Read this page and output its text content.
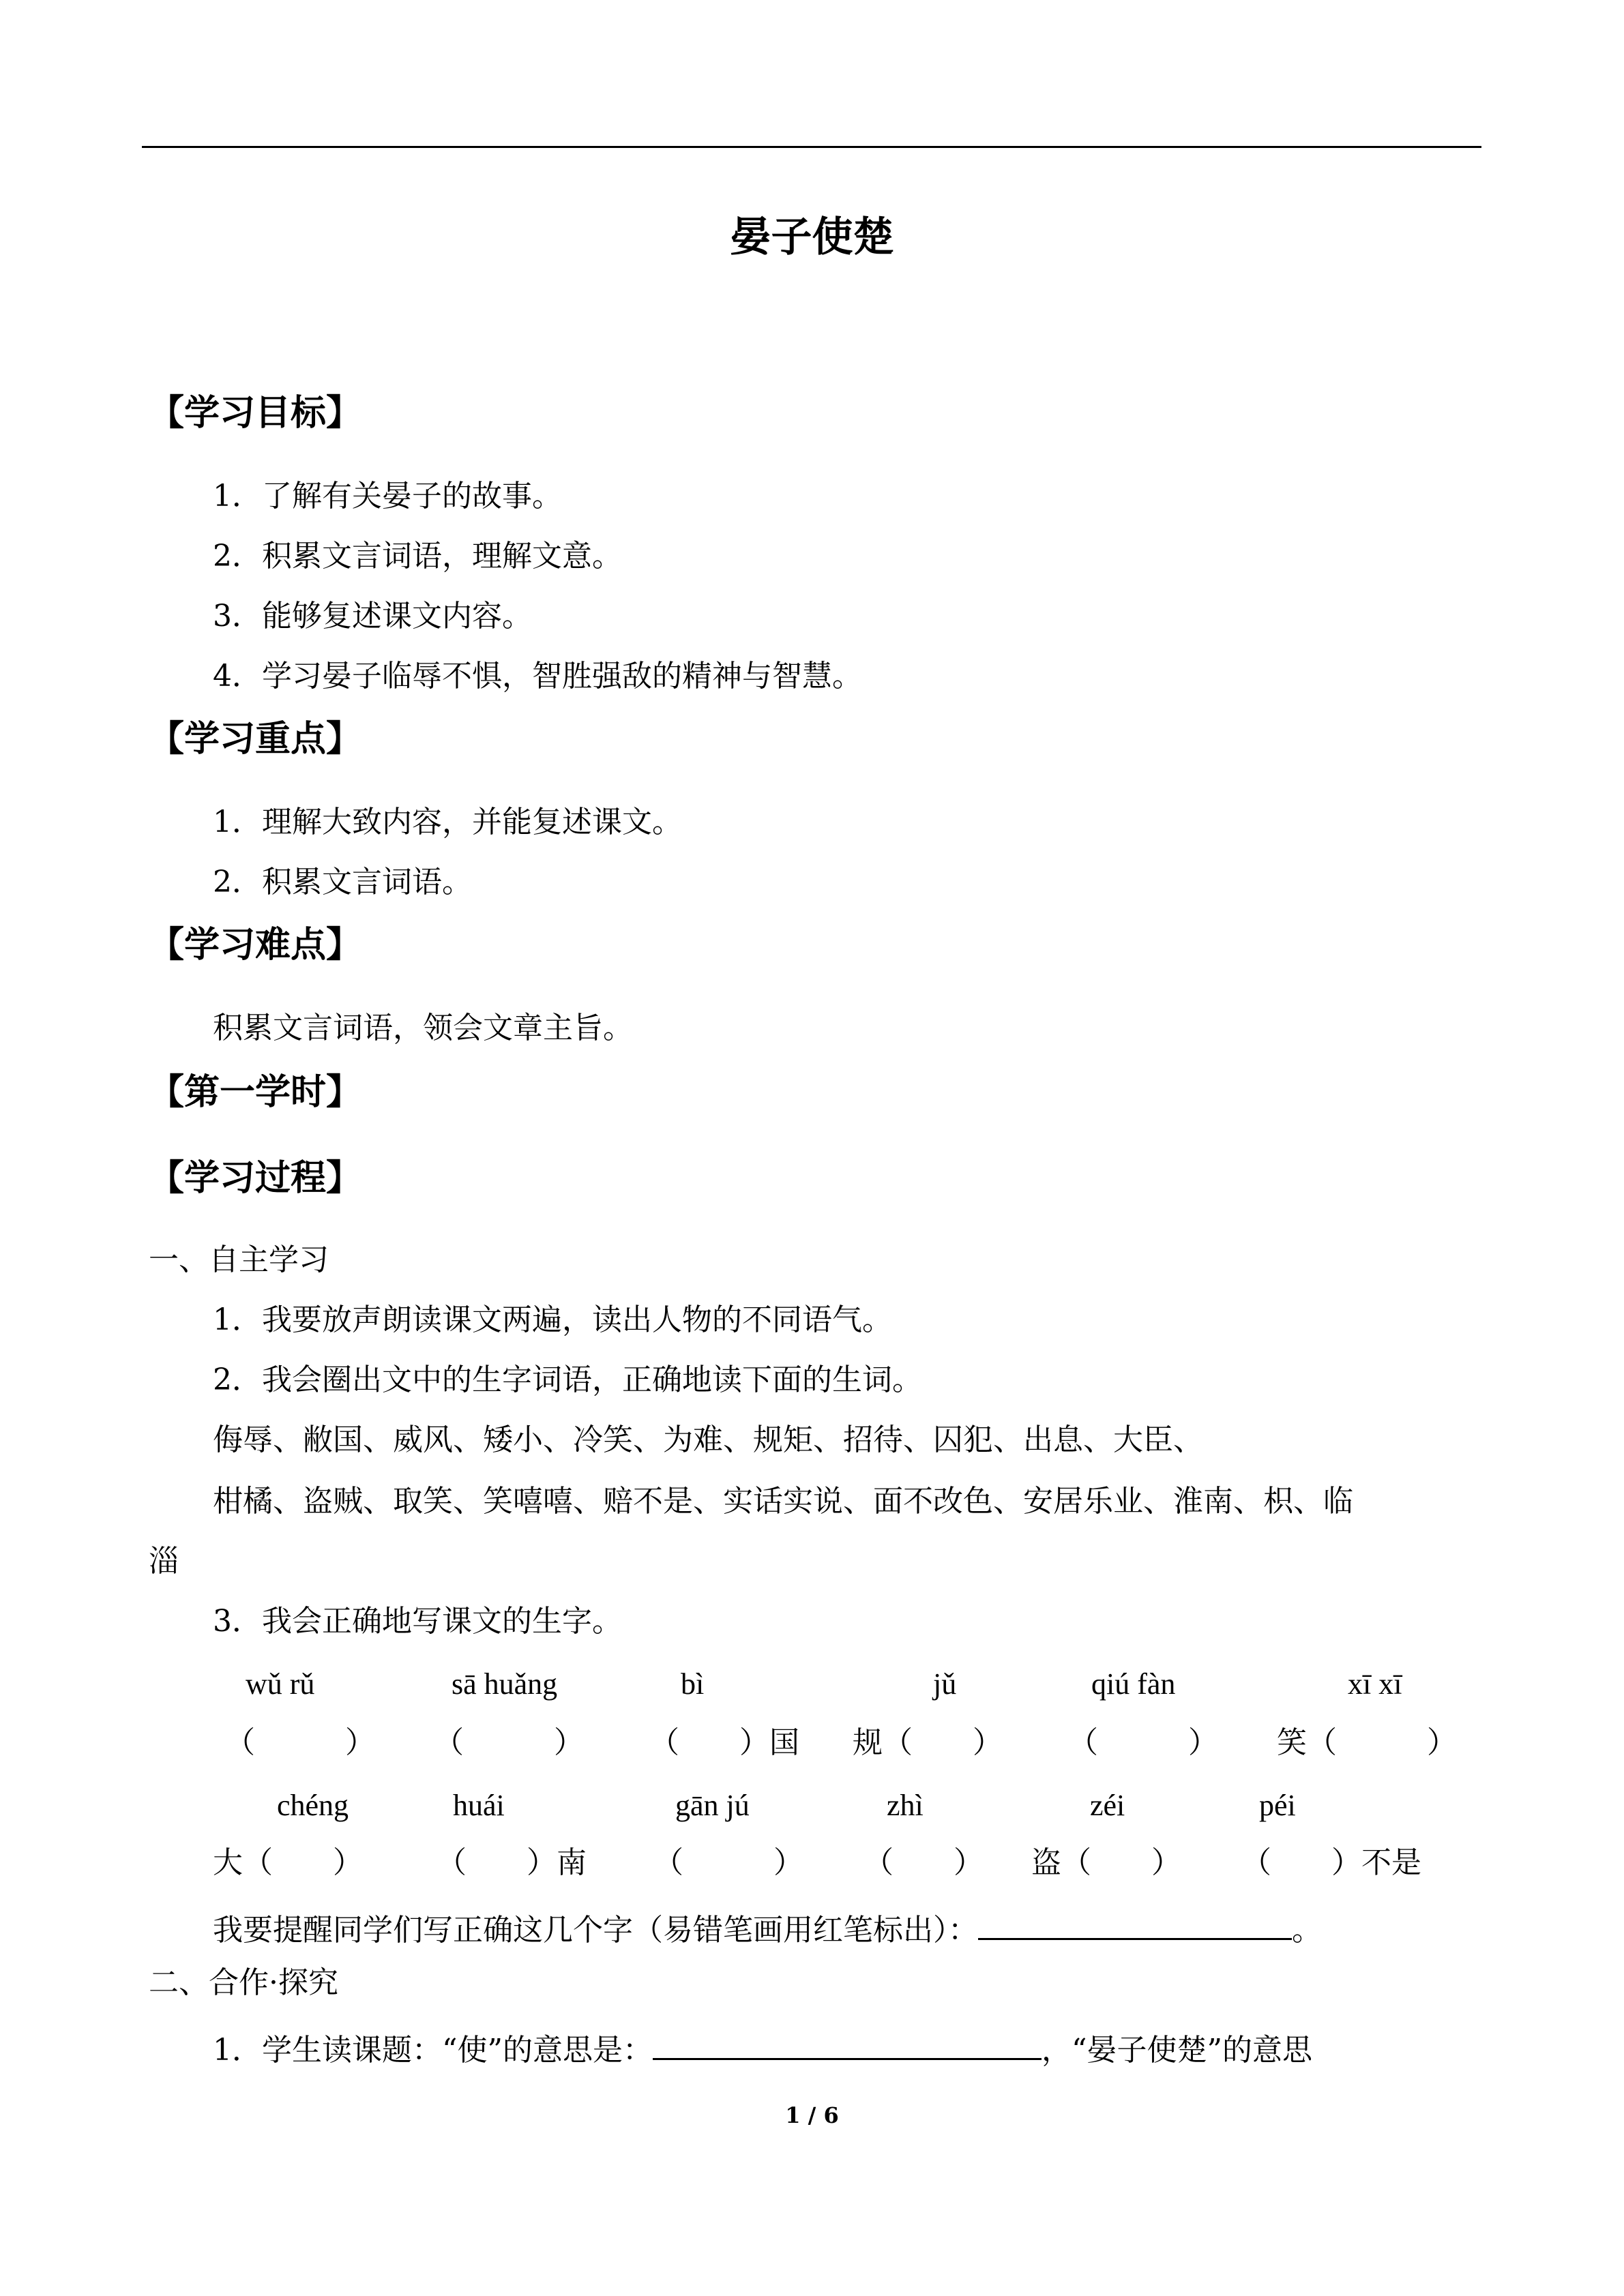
晏子使楚
【学习目标】
1．了解有关晏子的故事。
2．积累文言词语，理解文意。
3．能够复述课文内容。
4．学习晏子临辱不惧，智胜强敌的精神与智慧。
【学习重点】
1．理解大致内容，并能复述课文。
2．积累文言词语。
【学习难点】
积累文言词语，领会文章主旨。
【第一学时】
【学习过程】
一、自主学习
1．我要放声朗读课文两遍，读出人物的不同语气。
2．我会圈出文中的生字词语，正确地读下面的生词。
侮辱、敝国、威风、矮小、冷笑、为难、规矩、招待、囚犯、出息、大臣、
柑橘、盗贼、取笑、笑嘻嘻、赔不是、实话实说、面不改色、安居乐业、淮南、枳、临
淄
3．我会正确地写课文的生字。
wǔ rǔ	sā huǎng	bì	jǔ	qiú fàn	xī xī
（　　　） （　　　） （　　）国 规（　　） （　　　） 笑（　　　）
chéng	huái	gān jú	zhì	zéi	péi
大（　　） （　　）南 （　　　） （　　） 盗（　　） （　　）不是
我要提醒同学们写正确这几个字（易错笔画用红笔标出）：	。
二、合作·探究
1．学生读课题：“使”的意思是：	，“晏子使楚”的意思
1 / 6
